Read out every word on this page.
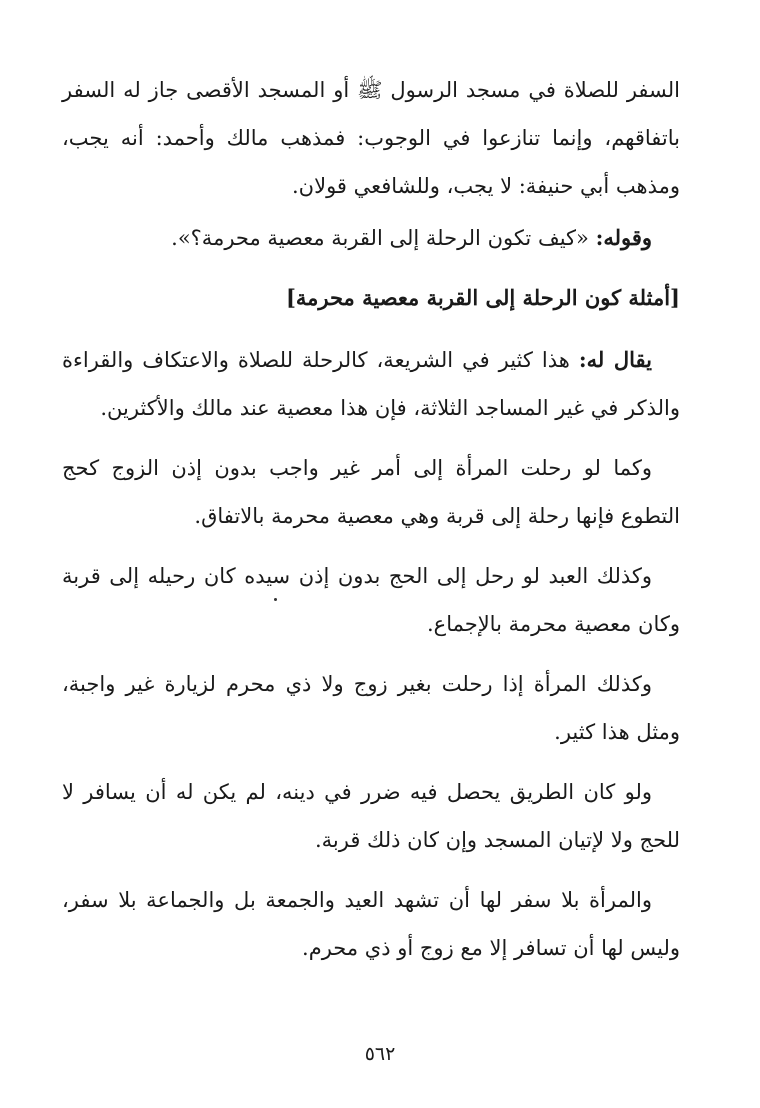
السفر للصلاة في مسجد الرسول ﷺ أو المسجد الأقصى جاز له السفر باتفاقهم، وإنما تنازعوا في الوجوب: فمذهب مالك وأحمد: أنه يجب، ومذهب أبي حنيفة: لا يجب، وللشافعي قولان.

وقوله: «كيف تكون الرحلة إلى القربة معصية محرمة؟».

[أمثلة كون الرحلة إلى القربة معصية محرمة]

يقال له: هذا كثير في الشريعة، كالرحلة للصلاة والاعتكاف والقراءة والذكر في غير المساجد الثلاثة، فإن هذا معصية عند مالك والأكثرين.

وكما لو رحلت المرأة إلى أمر غير واجب بدون إذن الزوج كحج التطوع فإنها رحلة إلى قربة وهي معصية محرمة بالاتفاق.

وكذلك العبد لو رحل إلى الحج بدون إذن سيده كان رحيله إلى قربة وكان معصية محرمة بالإجماع.

وكذلك المرأة إذا رحلت بغير زوج ولا ذي محرم لزيارة غير واجبة، ومثل هذا كثير.

ولو كان الطريق يحصل فيه ضرر في دينه، لم يكن له أن يسافر لا للحج ولا لإتيان المسجد وإن كان ذلك قربة.

والمرأة بلا سفر لها أن تشهد العيد والجمعة بل والجماعة بلا سفر، وليس لها أن تسافر إلا مع زوج أو ذي محرم.

٥٦٢
